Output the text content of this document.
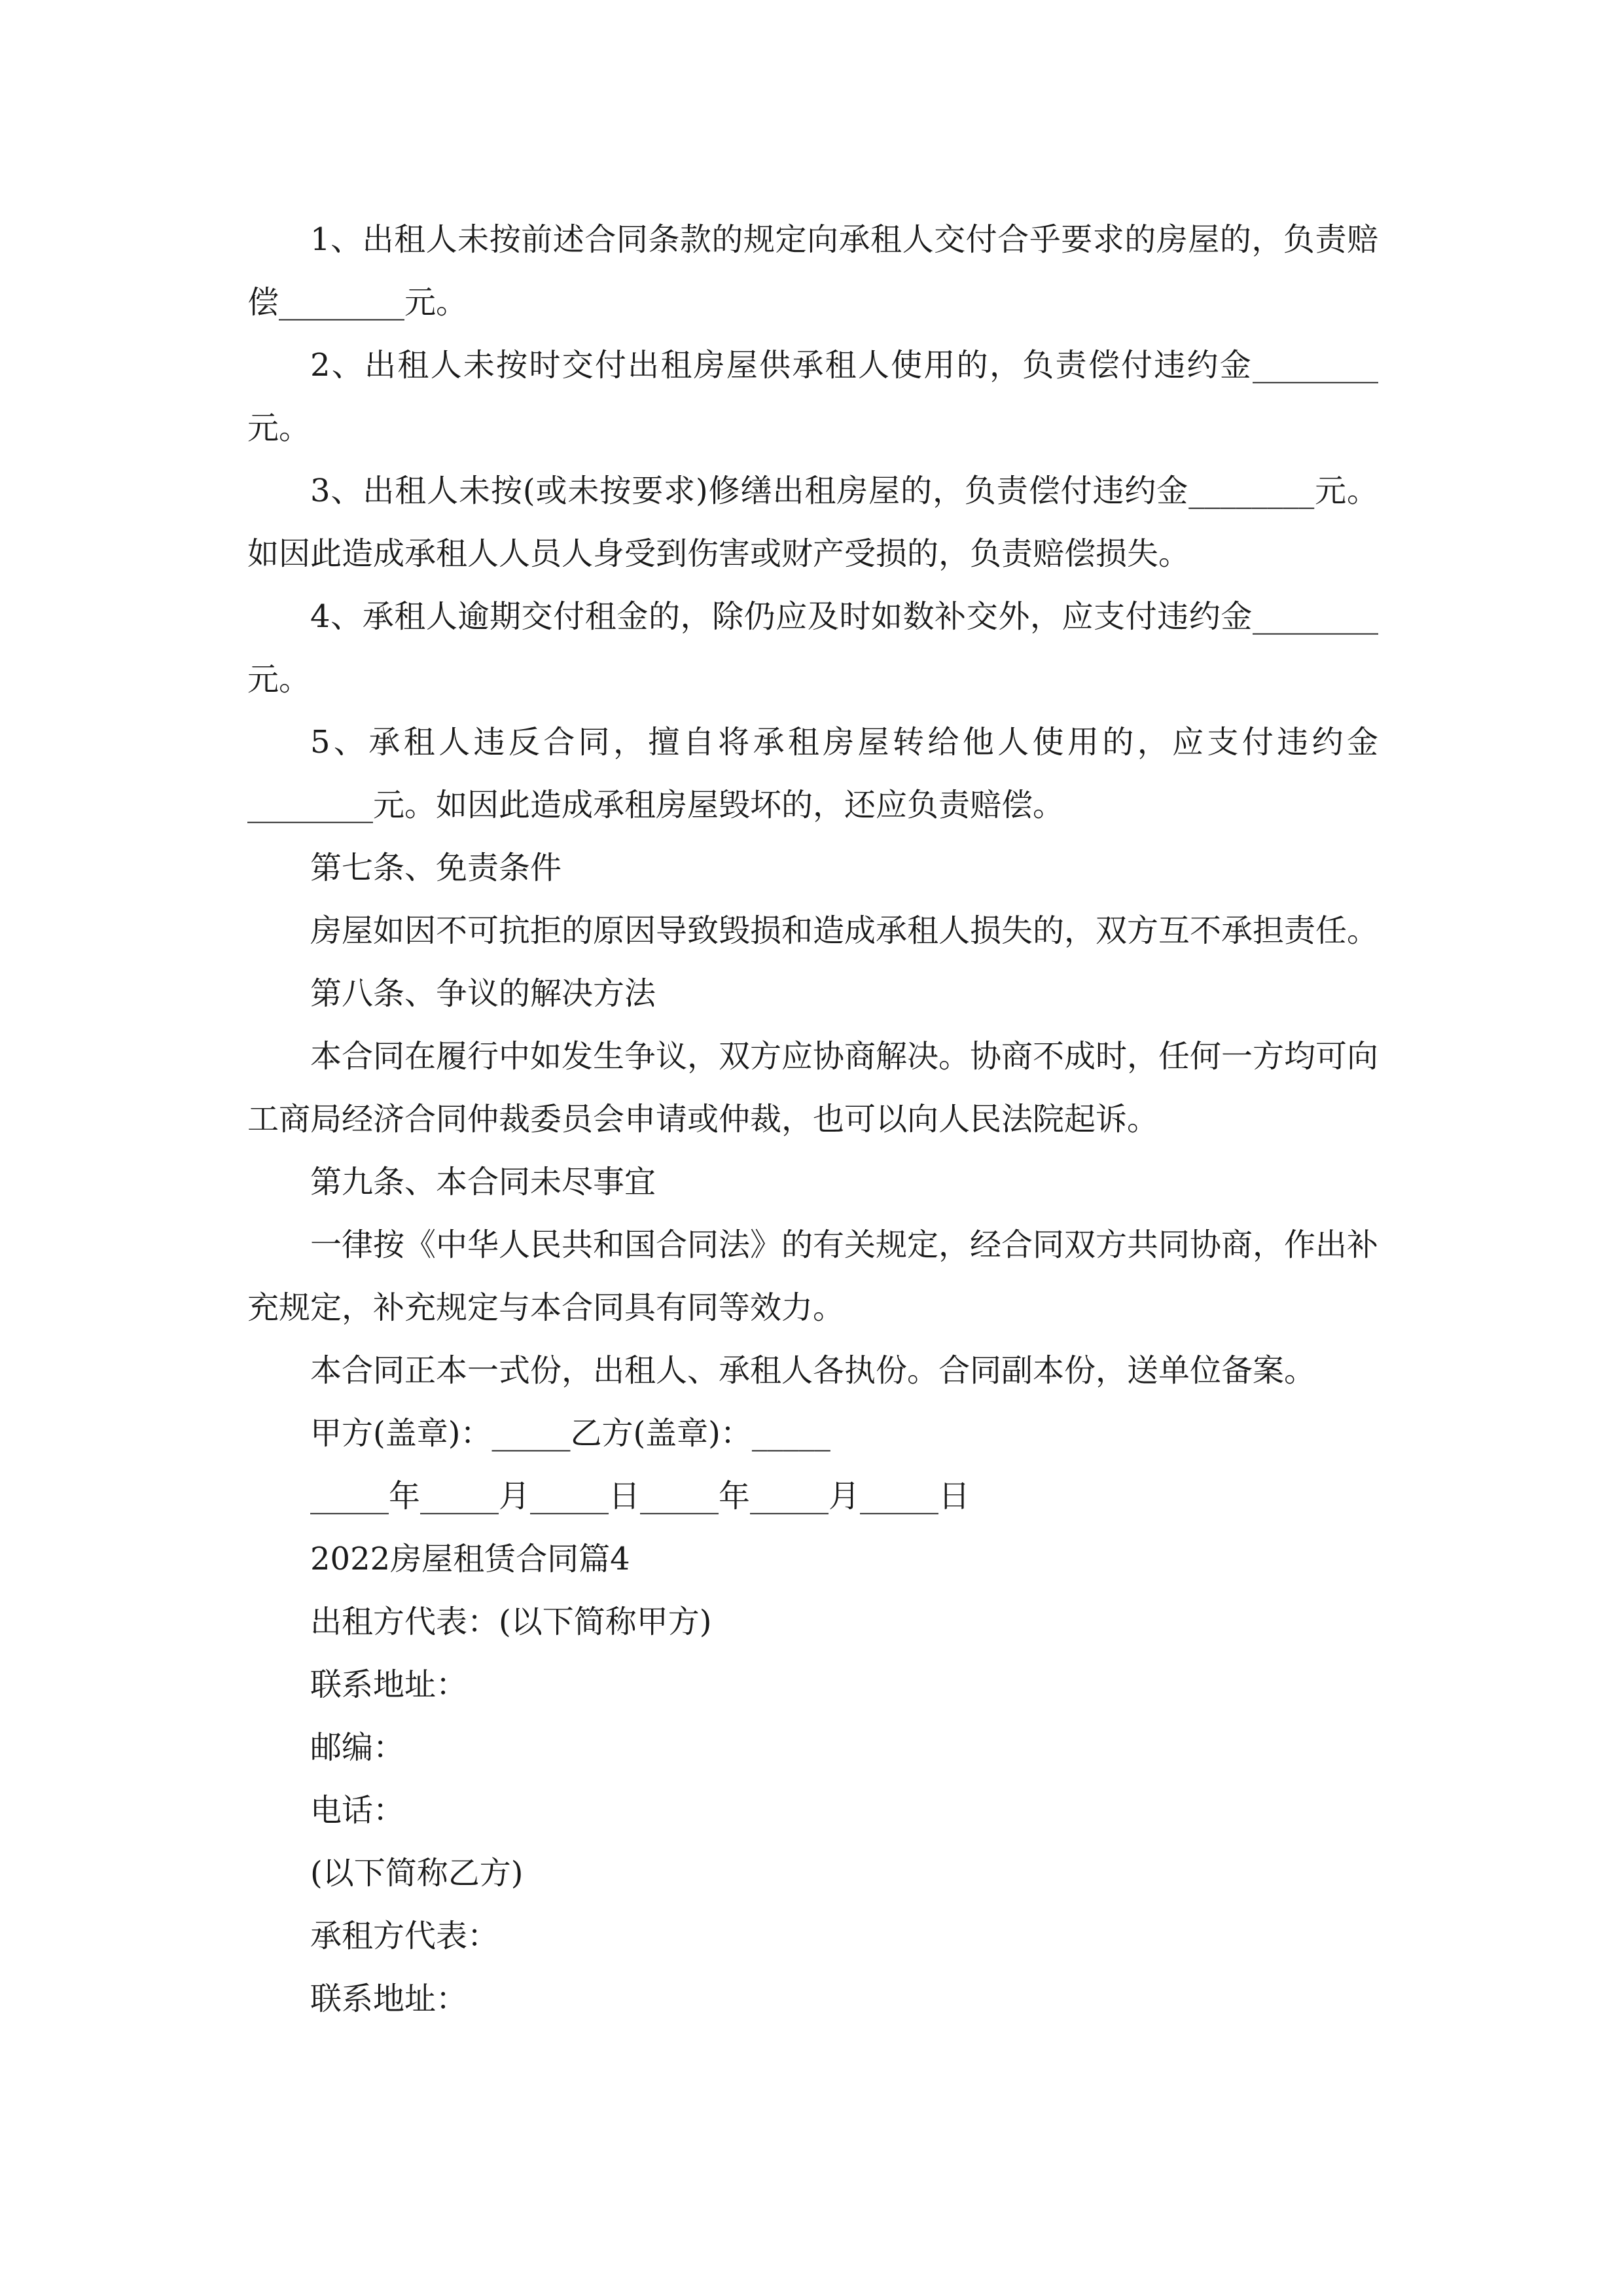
1、出租人未按前述合同条款的规定向承租人交付合乎要求的房屋的，负责赔偿________元。

2、出租人未按时交付出租房屋供承租人使用的，负责偿付违约金________元。

3、出租人未按(或未按要求)修缮出租房屋的，负责偿付违约金________元。如因此造成承租人人员人身受到伤害或财产受损的，负责赔偿损失。

4、承租人逾期交付租金的，除仍应及时如数补交外，应支付违约金________元。

5、承租人违反合同，擅自将承租房屋转给他人使用的，应支付违约金________元。如因此造成承租房屋毁坏的，还应负责赔偿。

第七条、免责条件

房屋如因不可抗拒的原因导致毁损和造成承租人损失的，双方互不承担责任。

第八条、争议的解决方法

本合同在履行中如发生争议，双方应协商解决。协商不成时，任何一方均可向工商局经济合同仲裁委员会申请或仲裁，也可以向人民法院起诉。

第九条、本合同未尽事宜

一律按《中华人民共和国合同法》的有关规定，经合同双方共同协商，作出补充规定，补充规定与本合同具有同等效力。

本合同正本一式份，出租人、承租人各执份。合同副本份，送单位备案。

甲方(盖章)：_____乙方(盖章)：_____

_____年_____月_____日_____年_____月_____日

2022房屋租赁合同篇4

出租方代表：(以下简称甲方)

联系地址：

邮编：

电话：

(以下简称乙方)

承租方代表：

联系地址：
